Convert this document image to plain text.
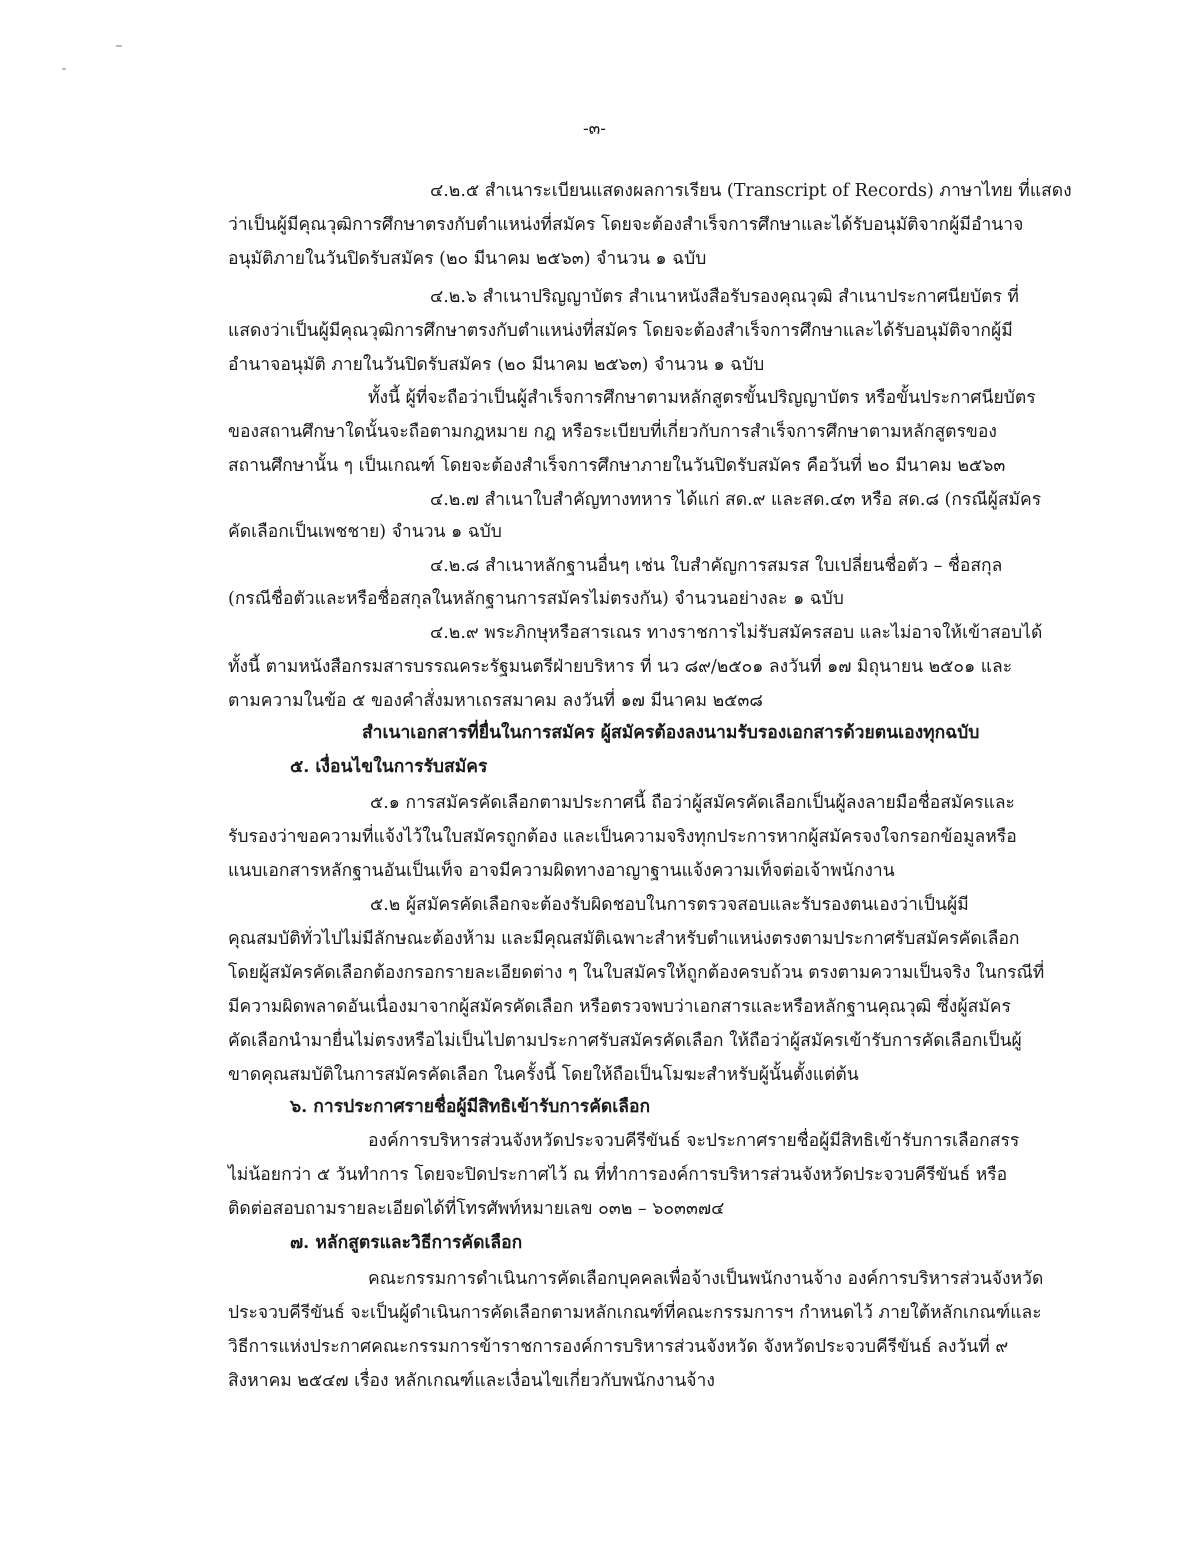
-๓-
๔.๒.๕ สำเนาระเบียนแสดงผลการเรียน (Transcript of Records) ภาษาไทย ที่แสดง
ว่าเป็นผู้มีคุณวุฒิการศึกษาตรงกับตำแหน่งที่สมัคร โดยจะต้องสำเร็จการศึกษาและได้รับอนุมัติจากผู้มีอำนาจ
อนุมัติภายในวันปิดรับสมัคร (๒๐ มีนาคม ๒๕๖๓) จำนวน ๑ ฉบับ
๔.๒.๖ สำเนาปริญญาบัตร สำเนาหนังสือรับรองคุณวุฒิ สำเนาประกาศนียบัตร ที่
แสดงว่าเป็นผู้มีคุณวุฒิการศึกษาตรงกับตำแหน่งที่สมัคร โดยจะต้องสำเร็จการศึกษาและได้รับอนุมัติจากผู้มี
อำนาจอนุมัติ ภายในวันปิดรับสมัคร (๒๐ มีนาคม ๒๕๖๓) จำนวน ๑ ฉบับ
ทั้งนี้ ผู้ที่จะถือว่าเป็นผู้สำเร็จการศึกษาตามหลักสูตรขั้นปริญญาบัตร หรือขั้นประกาศนียบัตร
ของสถานศึกษาใดนั้นจะถือตามกฎหมาย กฎ หรือระเบียบที่เกี่ยวกับการสำเร็จการศึกษาตามหลักสูตรของ
สถานศึกษานั้น ๆ เป็นเกณฑ์ โดยจะต้องสำเร็จการศึกษาภายในวันปิดรับสมัคร คือวันที่ ๒๐ มีนาคม ๒๕๖๓
๔.๒.๗ สำเนาใบสำคัญทางทหาร ได้แก่ สด.๙ และสด.๔๓ หรือ สด.๘ (กรณีผู้สมัคร
คัดเลือกเป็นเพชชาย) จำนวน ๑ ฉบับ
๔.๒.๘ สำเนาหลักฐานอื่นๆ เช่น ใบสำคัญการสมรส ใบเปลี่ยนชื่อตัว – ชื่อสกุล
(กรณีชื่อตัวและหรือชื่อสกุลในหลักฐานการสมัครไม่ตรงกัน) จำนวนอย่างละ ๑ ฉบับ
๔.๒.๙ พระภิกษุหรือสารเณร ทางราชการไม่รับสมัครสอบ และไม่อาจให้เข้าสอบได้
ทั้งนี้ ตามหนังสือกรมสารบรรณคระรัฐมนตรีฝ่ายบริหาร ที่ นว ๘๙/๒๕๐๑ ลงวันที่ ๑๗ มิถุนายน ๒๕๐๑ และ
ตามความในข้อ ๕ ของคำสั่งมหาเถรสมาคม ลงวันที่ ๑๗ มีนาคม ๒๕๓๘
สำเนาเอกสารที่ยื่นในการสมัคร ผู้สมัครต้องลงนามรับรองเอกสารด้วยตนเองทุกฉบับ
๕. เงื่อนไขในการรับสมัคร
๕.๑ การสมัครคัดเลือกตามประกาศนี้ ถือว่าผู้สมัครคัดเลือกเป็นผู้ลงลายมือชื่อสมัครและ
รับรองว่าขอความที่แจ้งไว้ในใบสมัครถูกต้อง และเป็นความจริงทุกประการหากผู้สมัครจงใจกรอกข้อมูลหรือ
แนบเอกสารหลักฐานอันเป็นเท็จ อาจมีความผิดทางอาญาฐานแจ้งความเท็จต่อเจ้าพนักงาน
๕.๒ ผู้สมัครคัดเลือกจะต้องรับผิดชอบในการตรวจสอบและรับรองตนเองว่าเป็นผู้มี
คุณสมบัติทั่วไปไม่มีลักษณะต้องห้าม และมีคุณสมัติเฉพาะสำหรับตำแหน่งตรงตามประกาศรับสมัครคัดเลือก
โดยผู้สมัครคัดเลือกต้องกรอกรายละเอียดต่าง ๆ ในใบสมัครให้ถูกต้องครบถ้วน ตรงตามความเป็นจริง ในกรณีที่
มีความผิดพลาดอันเนื่องมาจากผู้สมัครคัดเลือก หรือตรวจพบว่าเอกสารและหรือหลักฐานคุณวุฒิ ซึ่งผู้สมัคร
คัดเลือกนำมายื่นไม่ตรงหรือไม่เป็นไปตามประกาศรับสมัครคัดเลือก ให้ถือว่าผู้สมัครเข้ารับการคัดเลือกเป็นผู้
ขาดคุณสมบัติในการสมัครคัดเลือก ในครั้งนี้ โดยให้ถือเป็นโมฆะสำหรับผู้นั้นตั้งแต่ต้น
๖. การประกาศรายชื่อผู้มีสิทธิเข้ารับการคัดเลือก
องค์การบริหารส่วนจังหวัดประจวบคีรีขันธ์ จะประกาศรายชื่อผู้มีสิทธิเข้ารับการเลือกสรร
ไม่น้อยกว่า ๕ วันทำการ โดยจะปิดประกาศไว้ ณ ที่ทำการองค์การบริหารส่วนจังหวัดประจวบคีรีขันธ์ หรือ
ติดต่อสอบถามรายละเอียดได้ที่โทรศัพท์หมายเลข ๐๓๒ – ๖๐๓๓๗๔
๗. หลักสูตรและวิธีการคัดเลือก
คณะกรรมการดำเนินการคัดเลือกบุคคลเพื่อจ้างเป็นพนักงานจ้าง องค์การบริหารส่วนจังหวัด
ประจวบคีรีขันธ์ จะเป็นผู้ดำเนินการคัดเลือกตามหลักเกณฑ์ที่คณะกรรมการฯ กำหนดไว้ ภายใต้หลักเกณฑ์และ
วิธีการแห่งประกาศคณะกรรมการข้าราชการองค์การบริหารส่วนจังหวัด จังหวัดประจวบคีรีขันธ์ ลงวันที่ ๙
สิงหาคม ๒๕๔๗ เรื่อง หลักเกณฑ์และเงื่อนไขเกี่ยวกับพนักงานจ้าง
